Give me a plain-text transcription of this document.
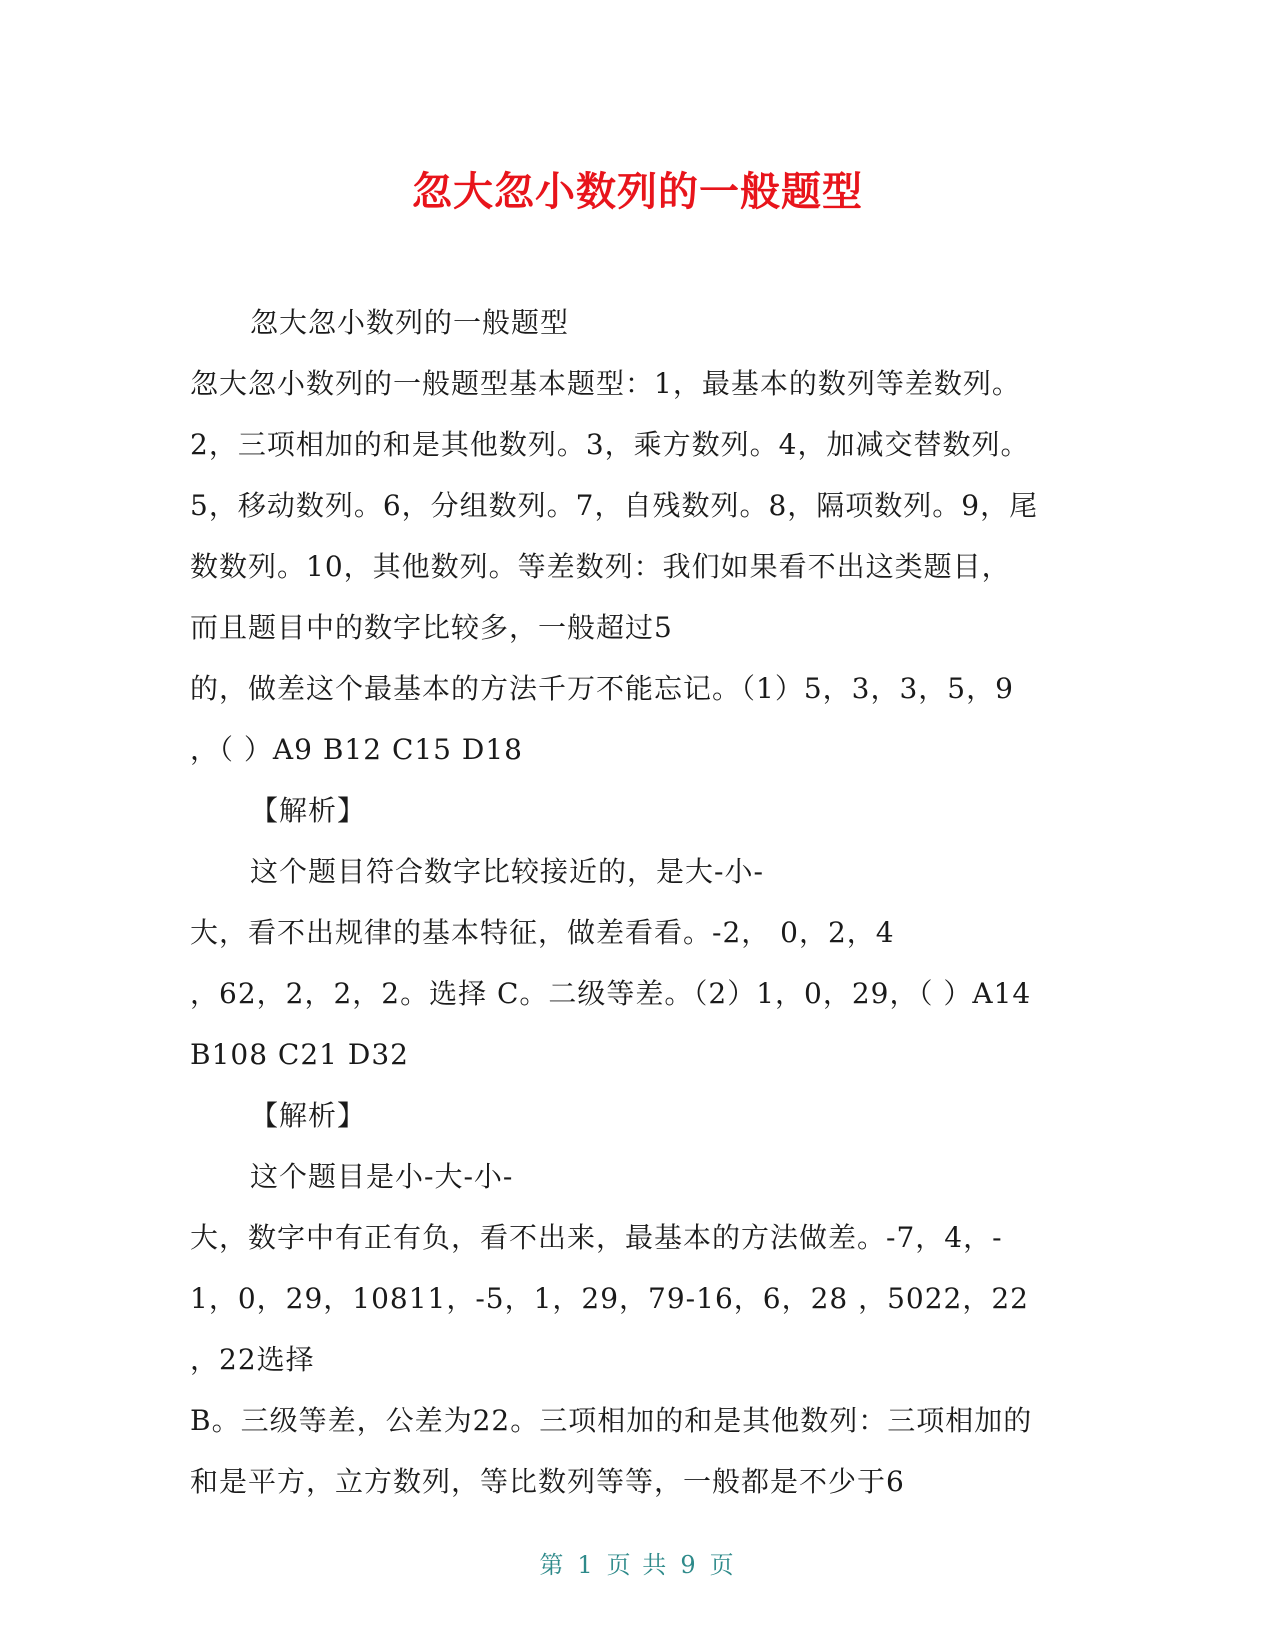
忽大忽小数列的一般题型
忽大忽小数列的一般题型
忽大忽小数列的一般题型基本题型：1，最基本的数列等差数列。
2，三项相加的和是其他数列。3，乘方数列。4，加减交替数列。
5，移动数列。6，分组数列。7，自残数列。8，隔项数列。9，尾
数数列。10，其他数列。等差数列：我们如果看不出这类题目，
而且题目中的数字比较多，一般超过5
的，做差这个最基本的方法千万不能忘记。（1）5，3，3，5，9
，（ ）A9 B12 C15 D18
【解析】
这个题目符合数字比较接近的，是大-小-
大，看不出规律的基本特征，做差看看。-2， 0，2，4
，62，2，2，2。选择 C。二级等差。（2）1，0，29，（ ）A14
B108 C21 D32
【解析】
这个题目是小-大-小-
大，数字中有正有负，看不出来，最基本的方法做差。-7，4，-
1，0，29，10811，-5，1，29，79-16，6，28 ，5022，22
，22选择
B。三级等差，公差为22。三项相加的和是其他数列：三项相加的
和是平方，立方数列，等比数列等等，一般都是不少于6
第 1 页 共 9 页
